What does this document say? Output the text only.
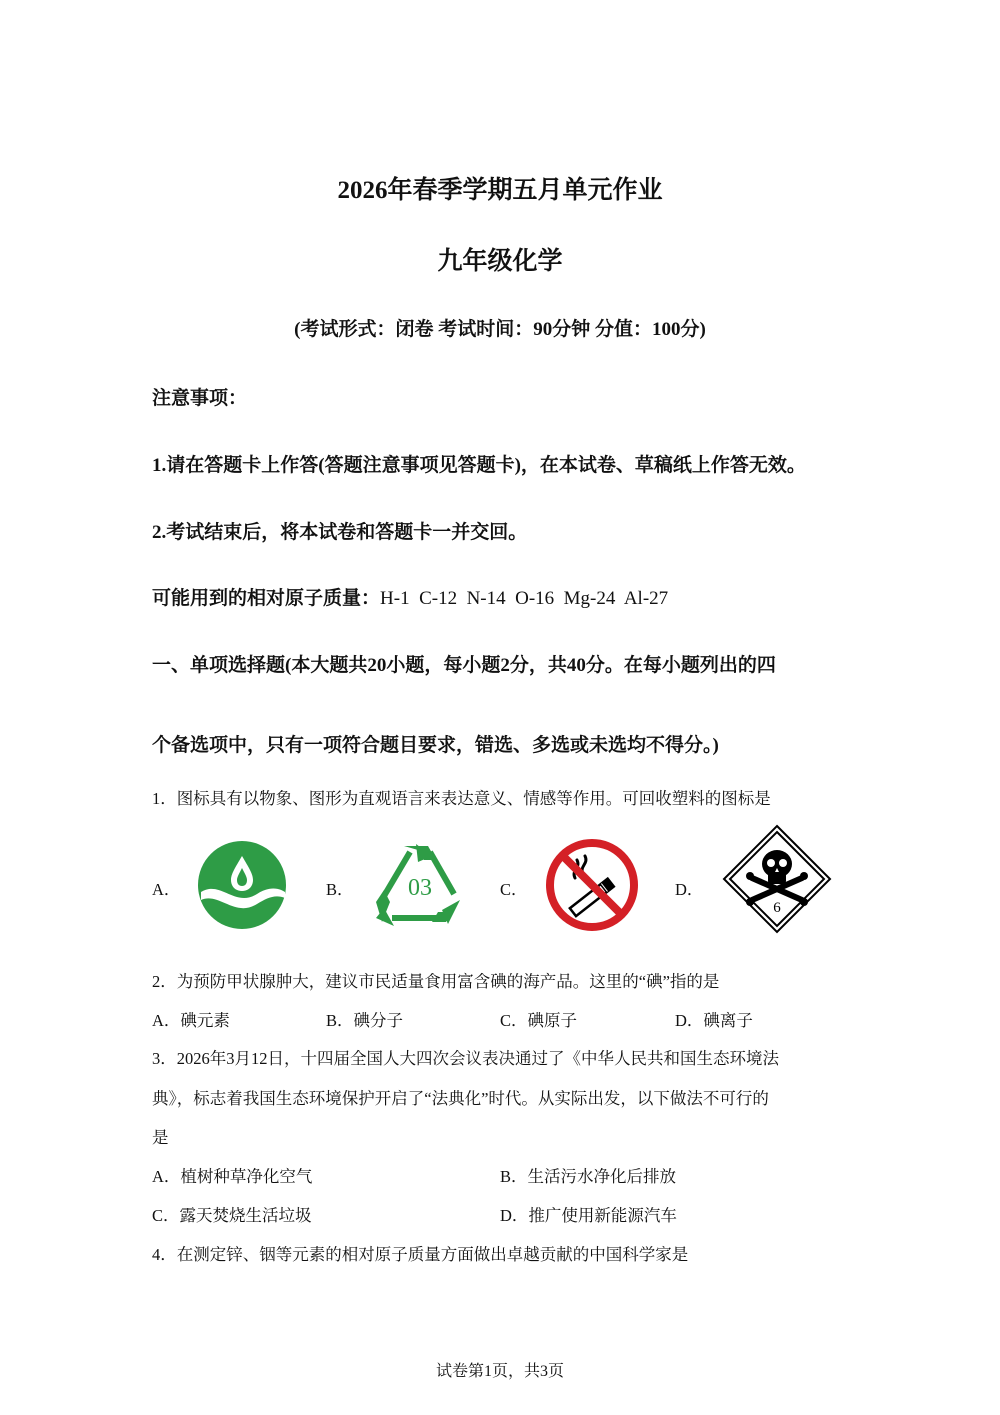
2026年春季学期五月单元作业
九年级化学
(考试形式：闭卷 考试时间：90分钟 分值：100分)
注意事项：
1.请在答题卡上作答(答题注意事项见答题卡)，在本试卷、草稿纸上作答无效。
2.考试结束后，将本试卷和答题卡一并交回。
可能用到的相对原子质量：H-1  C-12  N-14  O-16  Mg-24  Al-27
一、单项选择题(本大题共20小题，每小题2分，共40分。在每小题列出的四
个备选项中，只有一项符合题目要求，错选、多选或未选均不得分。)
1．图标具有以物象、图形为直观语言来表达意义、情感等作用。可回收塑料的图标是
A．	B． 03	C．	D．
6
2．为预防甲状腺肿大，建议市民适量食用富含碘的海产品。这里的“碘”指的是
A．碘元素	B．碘分子	C．碘原子	D．碘离子
3．2026年3月12日，十四届全国人大四次会议表决通过了《中华人民共和国生态环境法
典》，标志着我国生态环境保护开启了“法典化”时代。从实际出发，以下做法不可行的
是
A．植树种草净化空气	B．生活污水净化后排放
C．露天焚烧生活垃圾	D．推广使用新能源汽车
4．在测定锌、铟等元素的相对原子质量方面做出卓越贡献的中国科学家是
试卷第1页，共3页
